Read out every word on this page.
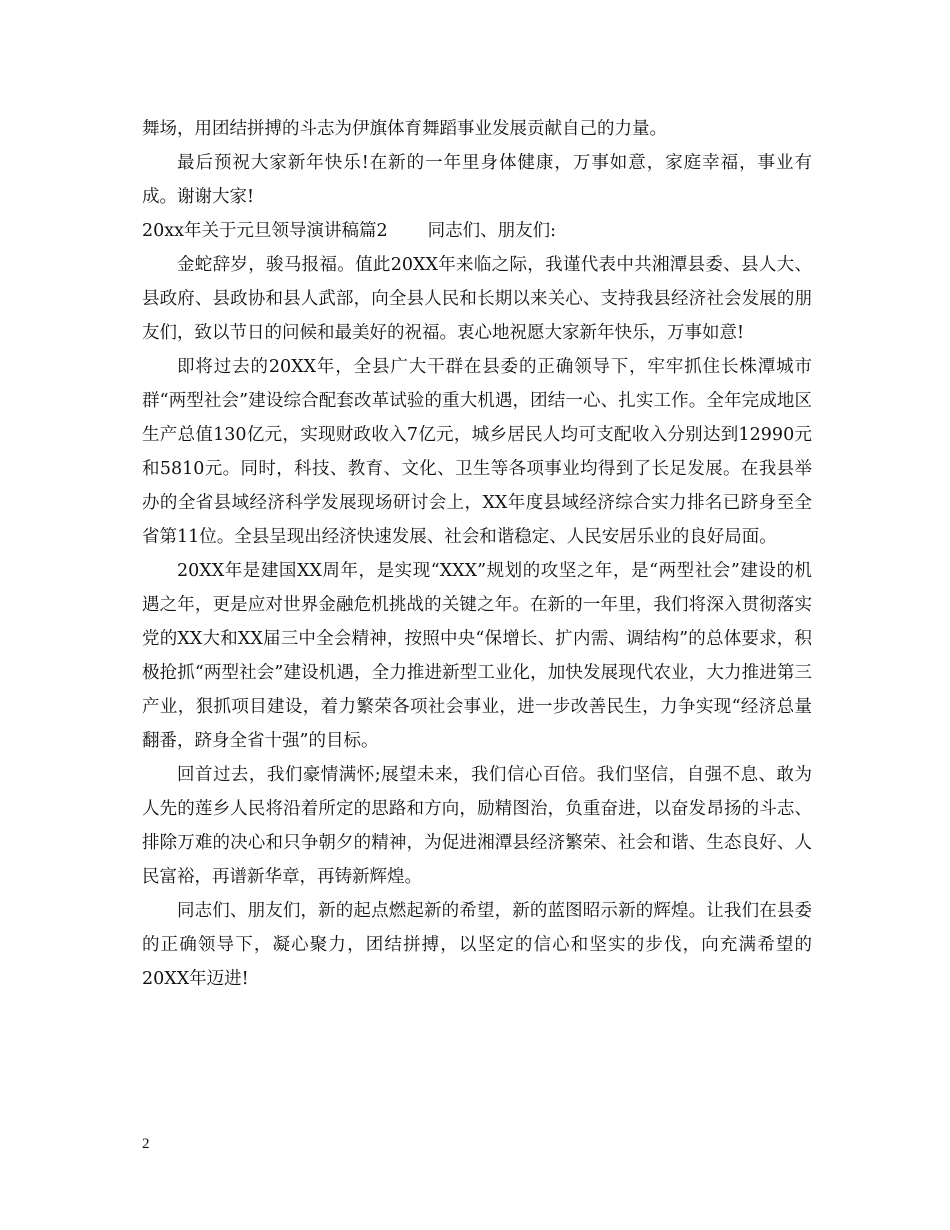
舞场，用团结拼搏的斗志为伊旗体育舞蹈事业发展贡献自己的力量。

最后预祝大家新年快乐!在新的一年里身体健康，万事如意，家庭幸福，事业有成。谢谢大家!

20xx年关于元旦领导演讲稿篇2 同志们、朋友们:

金蛇辞岁，骏马报福。值此20XX年来临之际，我谨代表中共湘潭县委、县人大、县政府、县政协和县人武部，向全县人民和长期以来关心、支持我县经济社会发展的朋友们，致以节日的问候和最美好的祝福。衷心地祝愿大家新年快乐，万事如意!

即将过去的20XX年，全县广大干群在县委的正确领导下，牢牢抓住长株潭城市群“两型社会”建设综合配套改革试验的重大机遇，团结一心、扎实工作。全年完成地区生产总值130亿元，实现财政收入7亿元，城乡居民人均可支配收入分别达到12990元和5810元。同时，科技、教育、文化、卫生等各项事业均得到了长足发展。在我县举办的全省县域经济科学发展现场研讨会上，XX年度县域经济综合实力排名已跻身至全省第11位。全县呈现出经济快速发展、社会和谐稳定、人民安居乐业的良好局面。

20XX年是建国XX周年，是实现“XXX”规划的攻坚之年，是“两型社会”建设的机遇之年，更是应对世界金融危机挑战的关键之年。在新的一年里，我们将深入贯彻落实党的XX大和XX届三中全会精神，按照中央“保增长、扩内需、调结构”的总体要求，积极抢抓“两型社会”建设机遇，全力推进新型工业化，加快发展现代农业，大力推进第三产业，狠抓项目建设，着力繁荣各项社会事业，进一步改善民生，力争实现“经济总量翻番，跻身全省十强”的目标。

回首过去，我们豪情满怀;展望未来，我们信心百倍。我们坚信，自强不息、敢为人先的莲乡人民将沿着所定的思路和方向，励精图治，负重奋进，以奋发昂扬的斗志、排除万难的决心和只争朝夕的精神，为促进湘潭县经济繁荣、社会和谐、生态良好、人民富裕，再谱新华章，再铸新辉煌。

同志们、朋友们，新的起点燃起新的希望，新的蓝图昭示新的辉煌。让我们在县委的正确领导下，凝心聚力，团结拼搏，以坚定的信心和坚实的步伐，向充满希望的20XX年迈进!

2
